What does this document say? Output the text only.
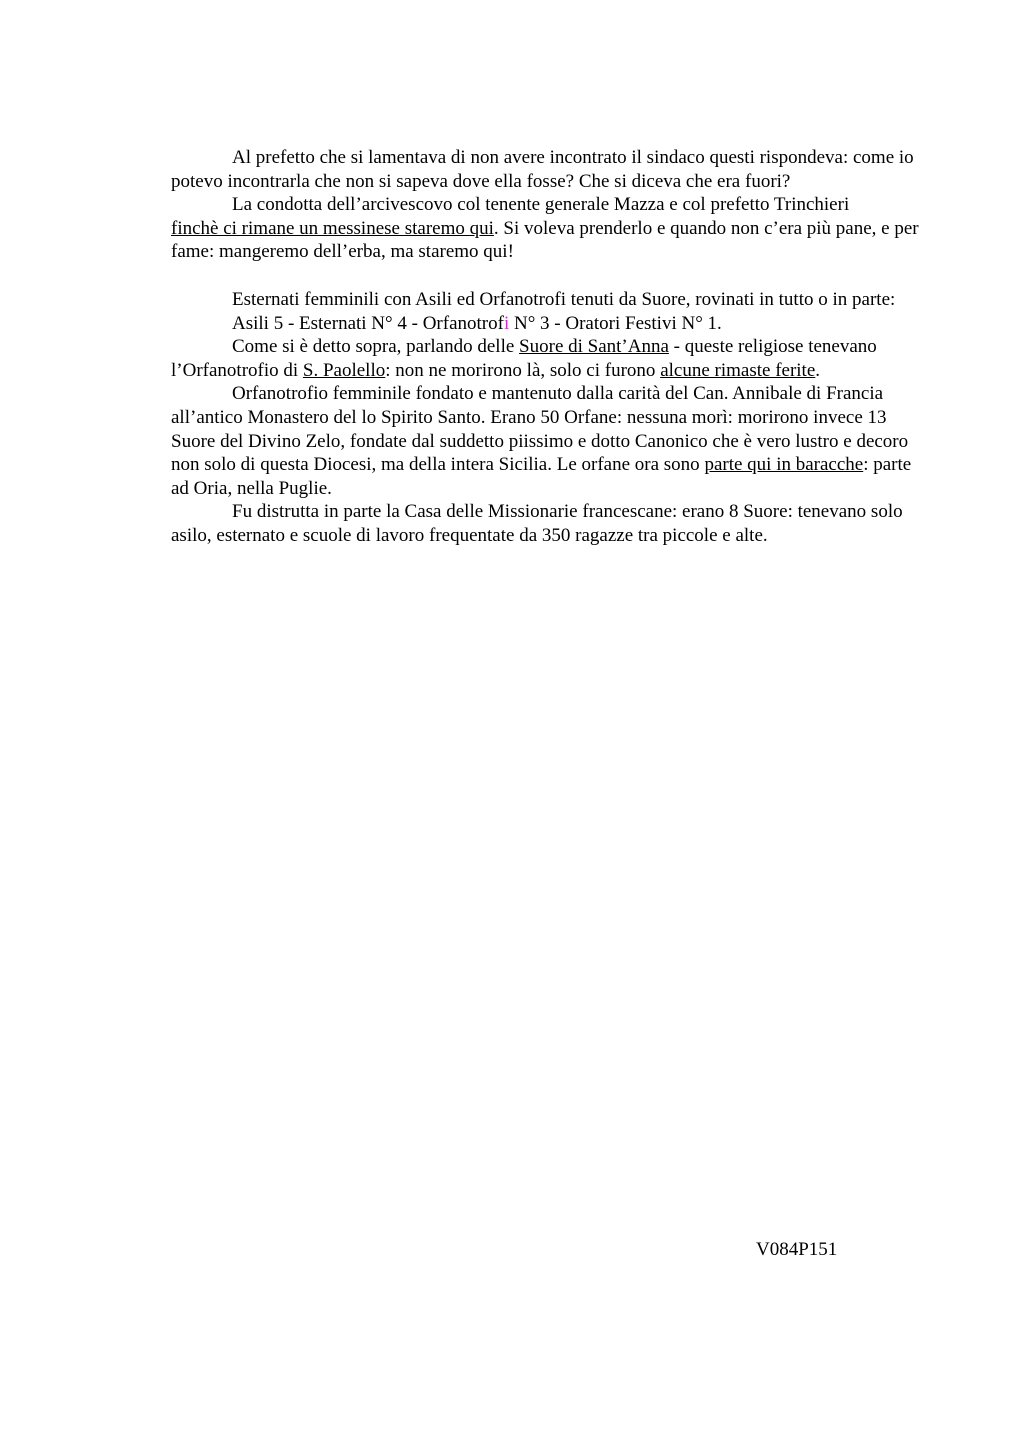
Al prefetto che si lamentava di non avere incontrato il sindaco questi rispondeva: come io potevo incontrarla che non si sapeva dove ella fosse? Che si diceva che era fuori?

La condotta dell’arcivescovo col tenente generale Mazza e col prefetto Trinchieri
finchè ci rimane un messinese staremo qui. Si voleva prenderlo e quando non c’era più pane, e per fame: mangeremo dell’erba, ma staremo qui!

Esternati femminili con Asili ed Orfanotrofi tenuti da Suore, rovinati in tutto o in parte:

Asili 5 - Esternati N° 4 - Orfanotrofi N° 3 - Oratori Festivi N° 1.

Come si è detto sopra, parlando delle Suore di Sant’Anna - queste religiose tenevano l’Orfanotrofio di S. Paolello: non ne morirono là, solo ci furono alcune rimaste ferite.

Orfanotrofio femminile fondato e mantenuto dalla carità del Can. Annibale di Francia all’antico Monastero del lo Spirito Santo. Erano 50 Orfane: nessuna morì: morirono invece 13 Suore del Divino Zelo, fondate dal suddetto piissimo e dotto Canonico che è vero lustro e decoro non solo di questa Diocesi, ma della intera Sicilia. Le orfane ora sono parte qui in baracche: parte ad Oria, nella Puglie.

Fu distrutta in parte la Casa delle Missionarie francescane: erano 8 Suore: tenevano solo asilo, esternato e scuole di lavoro frequentate da 350 ragazze tra piccole e alte.

V084P151
